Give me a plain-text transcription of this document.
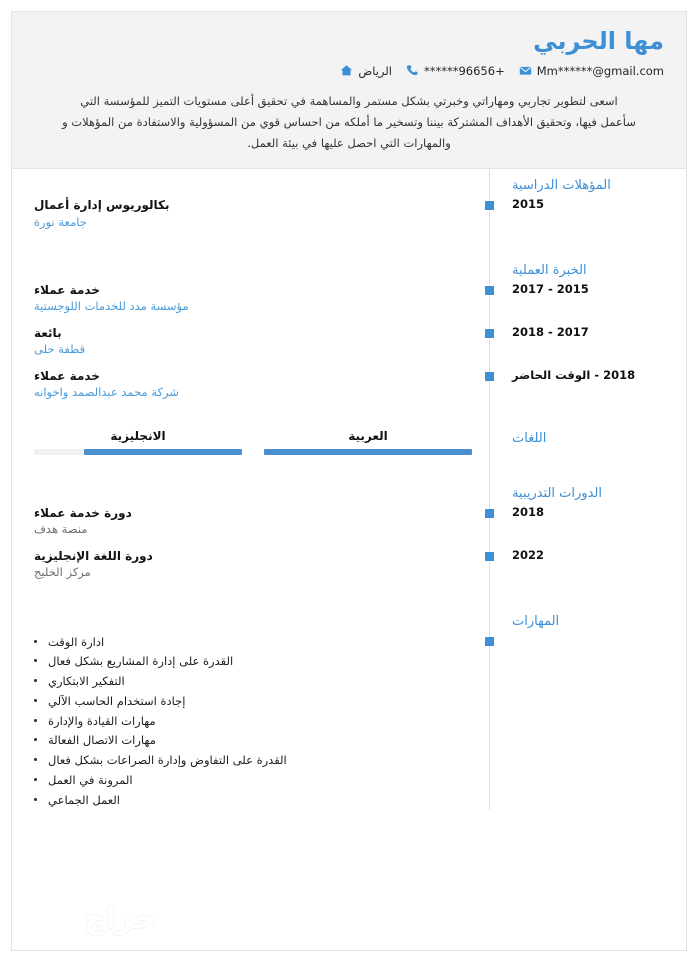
مها الحربي
Mm******@gmail.com
+96656******
الرياض
اسعى لتطوير تجاربي ومهاراتي وخبرتي بشكل مستمر والمساهمة في تحقيق أعلى مستويات التميز للمؤسسة التي سأعمل فيها، وتحقيق الأهداف المشتركة بيننا وتسخير ما أملكه من احساس قوي من المسؤولية والاستفادة من المؤهلات و والمهارات التي احصل عليها في بيئة العمل.
المؤهلات الدراسية
2015
بكالوريوس إدارة أعمال
جامعة نورة
الخبرة العملية
2015 - 2017
خدمة عملاء
مؤسسة مدد للخدمات اللوجستية
2017 - 2018
بائعة
قطفة حلى
2018 - الوقت الحاضر
خدمة عملاء
شركة محمد عبدالصمد واخوانه
اللغات
العربية
الانجليزية
الدورات التدريبية
2018
دورة خدمة عملاء
منصة هدف
2022
دورة اللغة الإنجليزية
مركز الخليج
المهارات
ادارة الوقت
القدرة على إدارة المشاريع بشكل فعال
التفكير الابتكاري
إجادة استخدام الحاسب الآلي
مهارات القيادة والإدارة
مهارات الاتصال الفعالة
القدرة على التفاوض وإدارة الصراعات بشكل فعال
المرونة في العمل
العمل الجماعي
حراج
